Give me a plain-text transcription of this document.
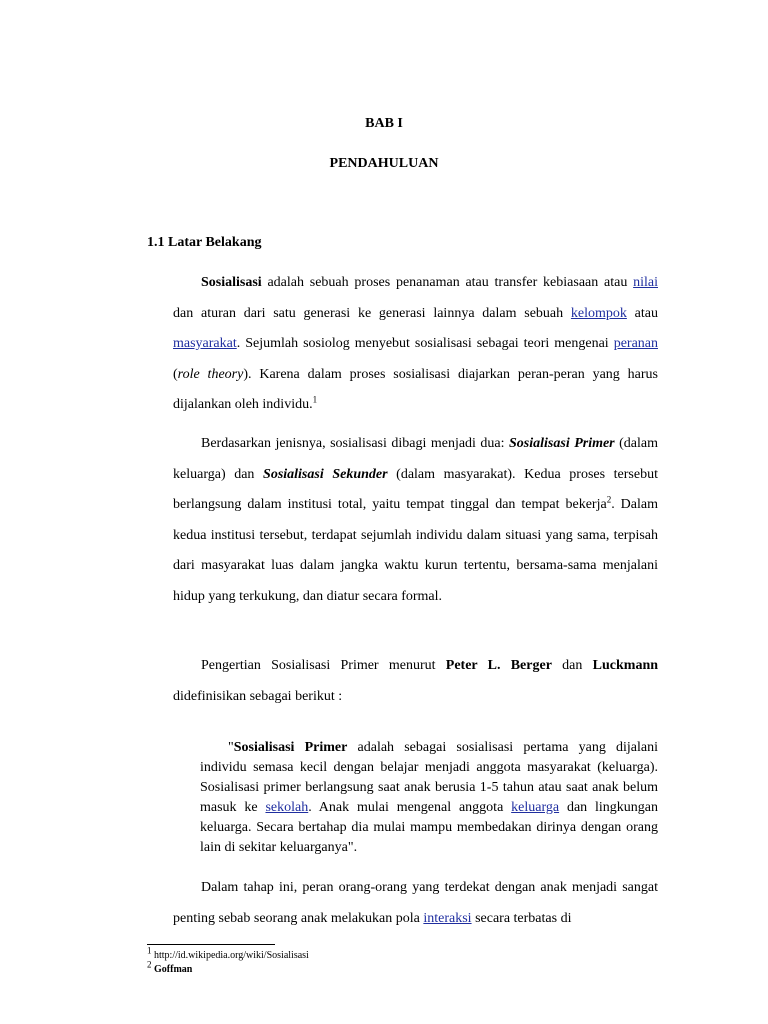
BAB I
PENDAHULUAN
1.1 Latar Belakang
Sosialisasi adalah sebuah proses penanaman atau transfer kebiasaan atau nilai dan aturan dari satu generasi ke generasi lainnya dalam sebuah kelompok atau masyarakat. Sejumlah sosiolog menyebut sosialisasi sebagai teori mengenai peranan (role theory). Karena dalam proses sosialisasi diajarkan peran-peran yang harus dijalankan oleh individu.$^1$
Berdasarkan jenisnya, sosialisasi dibagi menjadi dua: Sosialisasi Primer (dalam keluarga) dan Sosialisasi Sekunder (dalam masyarakat). Kedua proses tersebut berlangsung dalam institusi total, yaitu tempat tinggal dan tempat bekerja$^2$. Dalam kedua institusi tersebut, terdapat sejumlah individu dalam situasi yang sama, terpisah dari masyarakat luas dalam jangka waktu kurun tertentu, bersama-sama menjalani hidup yang terkukung, dan diatur secara formal.
Pengertian Sosialisasi Primer menurut Peter L. Berger dan Luckmann didefinisikan sebagai berikut :
"Sosialisasi Primer adalah sebagai sosialisasi pertama yang dijalani individu semasa kecil dengan belajar menjadi anggota masyarakat (keluarga). Sosialisasi primer berlangsung saat anak berusia 1-5 tahun atau saat anak belum masuk ke sekolah. Anak mulai mengenal anggota keluarga dan lingkungan keluarga. Secara bertahap dia mulai mampu membedakan dirinya dengan orang lain di sekitar keluarganya".
Dalam tahap ini, peran orang-orang yang terdekat dengan anak menjadi sangat penting sebab seorang anak melakukan pola interaksi secara terbatas di
$^1$ http://id.wikipedia.org/wiki/Sosialisasi
$^2$ Goffman
